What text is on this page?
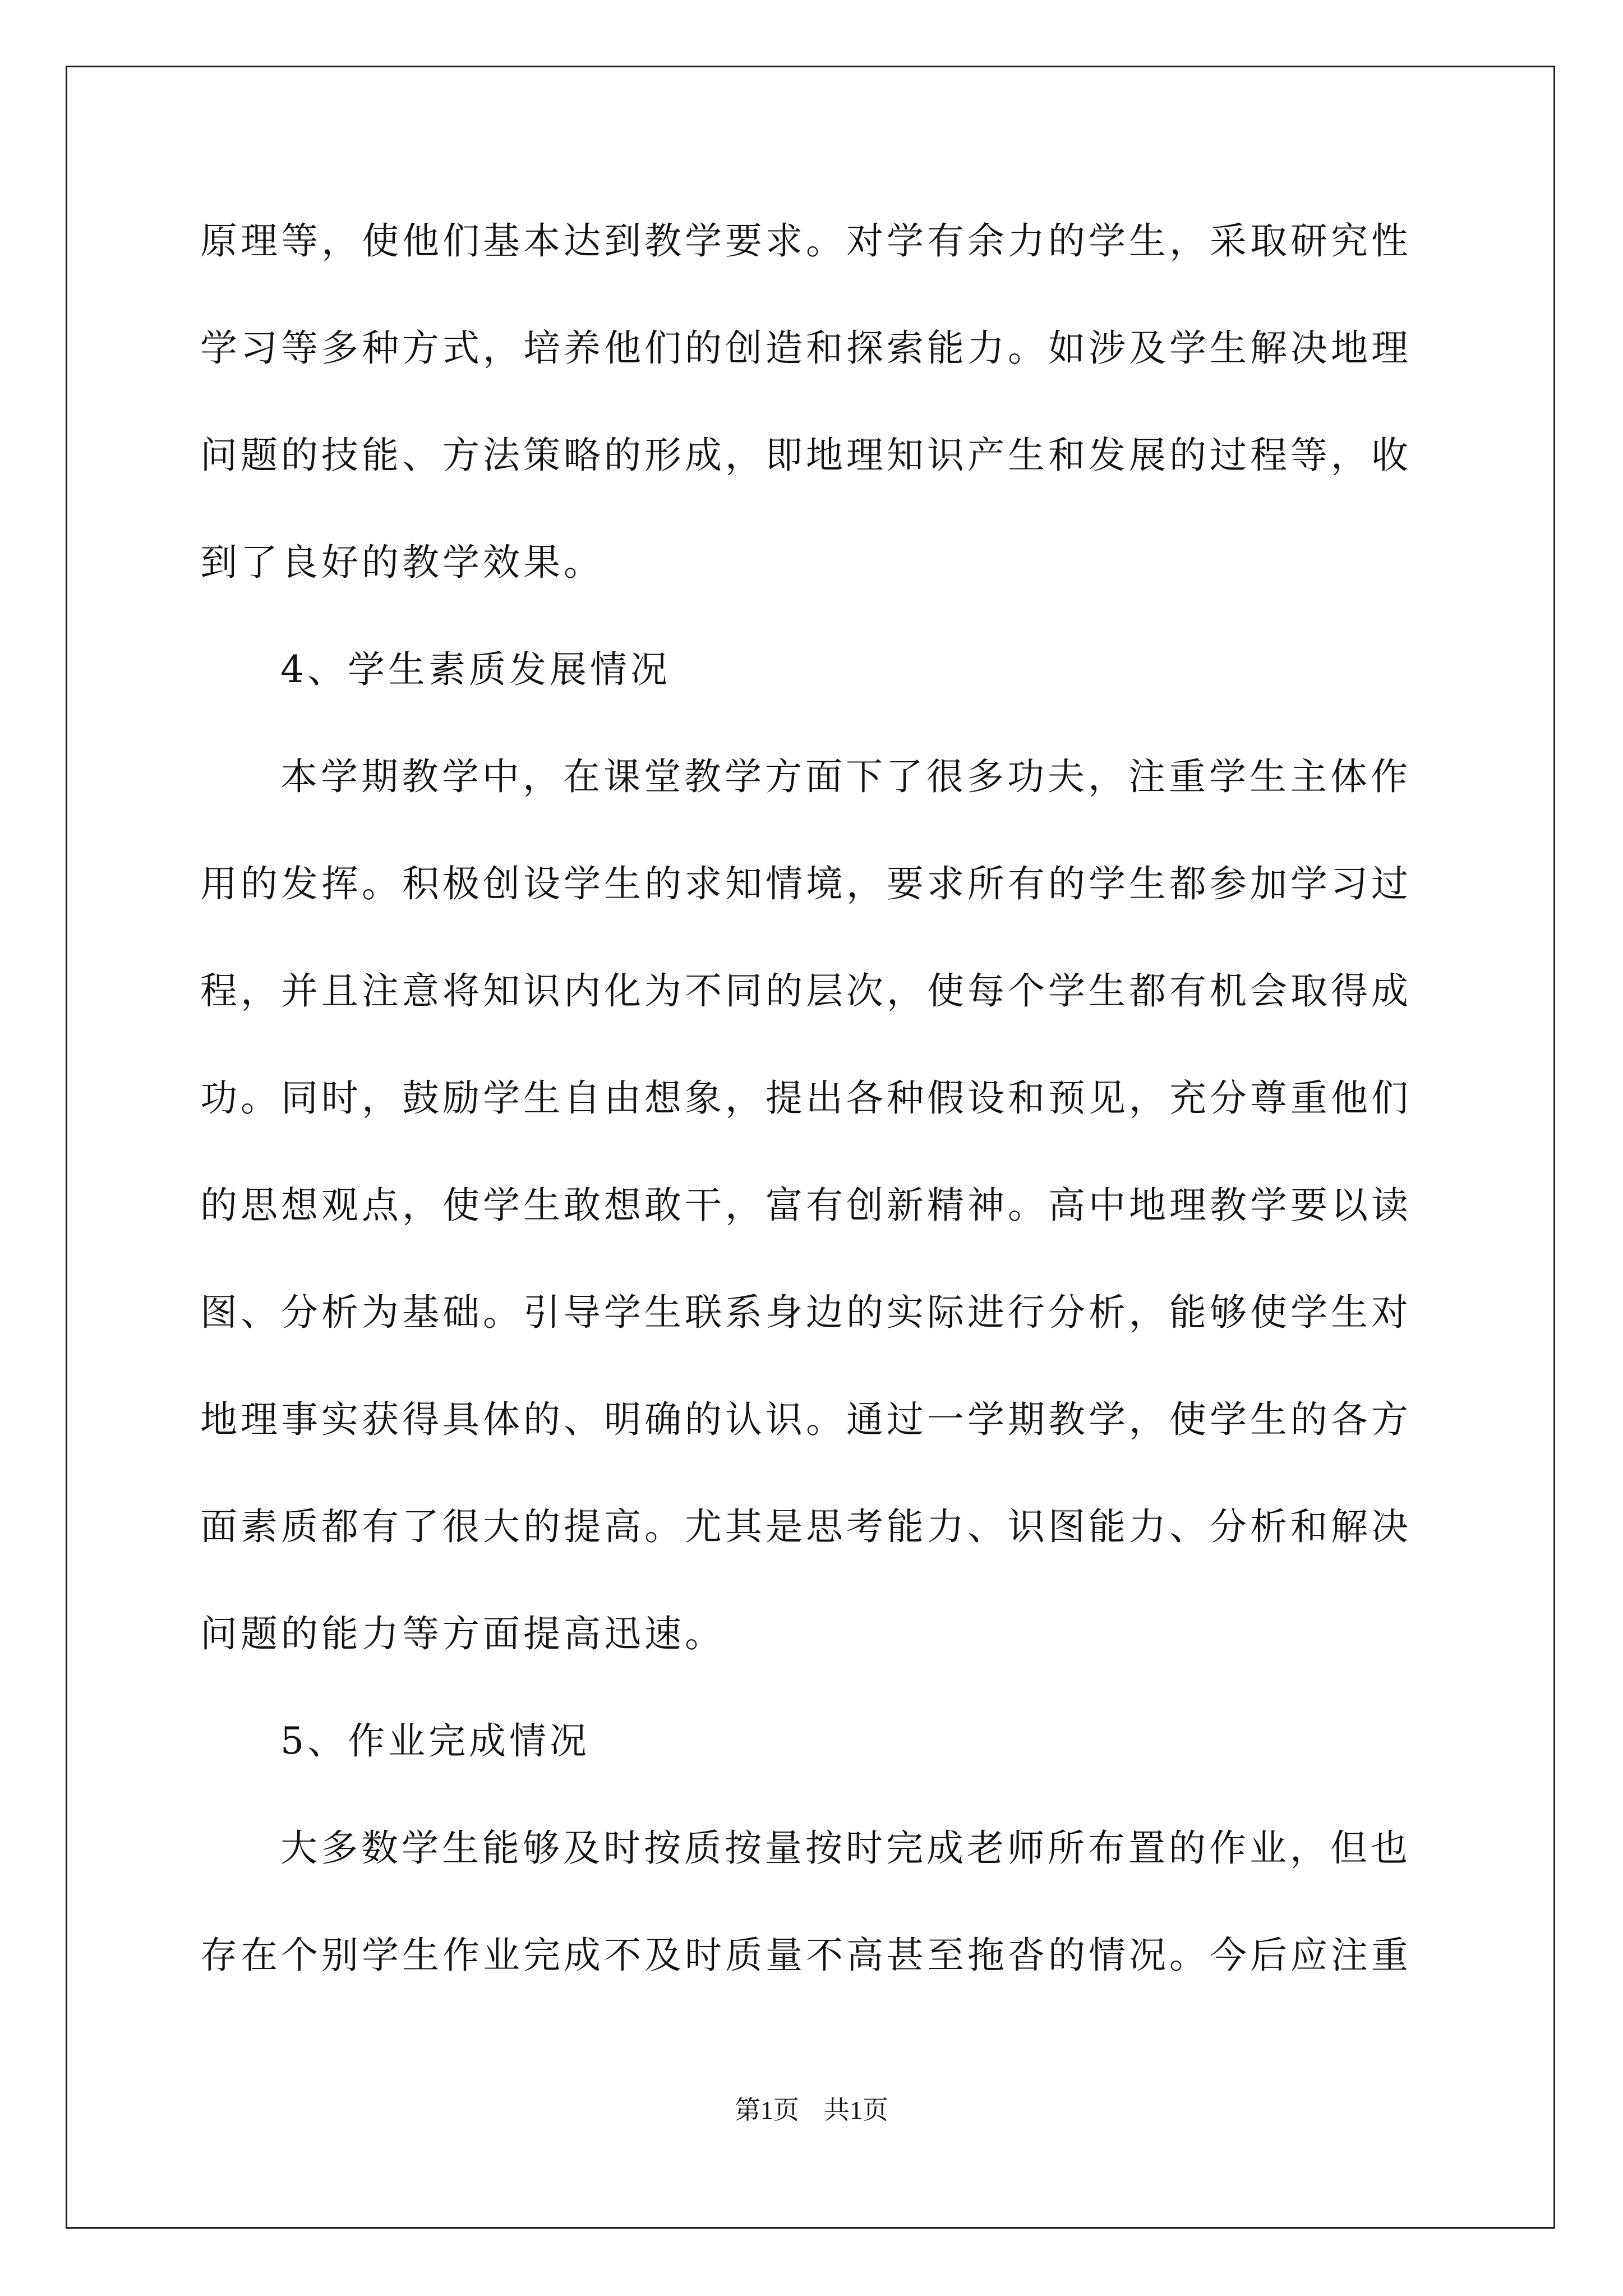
原理等，使他们基本达到教学要求。对学有余力的学生，采取研究性
学习等多种方式，培养他们的创造和探索能力。如涉及学生解决地理
问题的技能、方法策略的形成，即地理知识产生和发展的过程等，收
到了良好的教学效果。
4、学生素质发展情况
本学期教学中，在课堂教学方面下了很多功夫，注重学生主体作
用的发挥。积极创设学生的求知情境，要求所有的学生都参加学习过
程，并且注意将知识内化为不同的层次，使每个学生都有机会取得成
功。同时，鼓励学生自由想象，提出各种假设和预见，充分尊重他们
的思想观点，使学生敢想敢干，富有创新精神。高中地理教学要以读
图、分析为基础。引导学生联系身边的实际进行分析，能够使学生对
地理事实获得具体的、明确的认识。通过一学期教学，使学生的各方
面素质都有了很大的提高。尤其是思考能力、识图能力、分析和解决
问题的能力等方面提高迅速。
5、作业完成情况
大多数学生能够及时按质按量按时完成老师所布置的作业，但也
存在个别学生作业完成不及时质量不高甚至拖沓的情况。今后应注重
第1页 共1页
